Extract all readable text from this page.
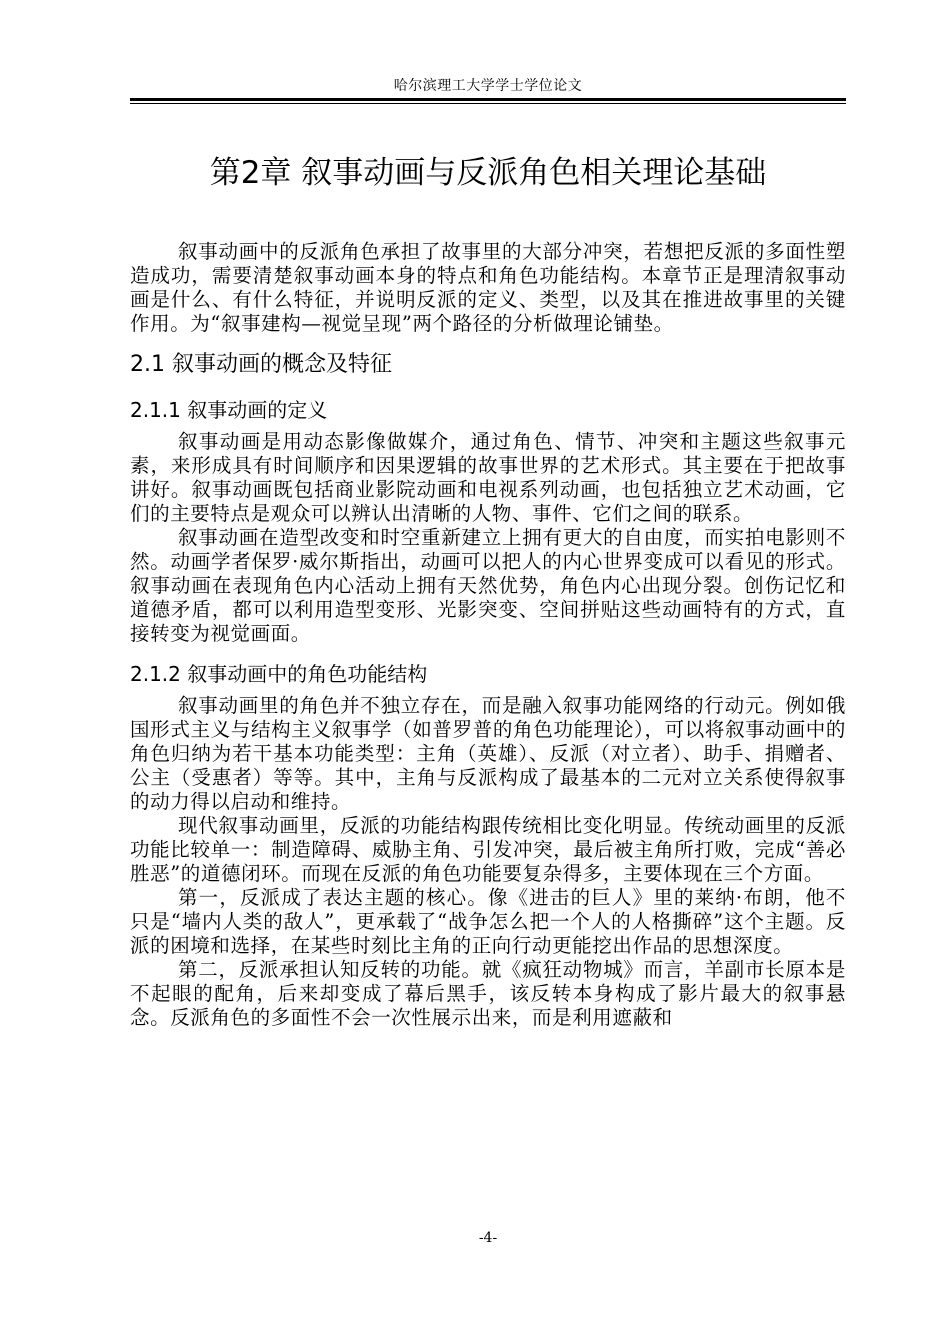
哈尔滨理工大学学士学位论文
第2章 叙事动画与反派角色相关理论基础

叙事动画中的反派角色承担了故事里的大部分冲突，若想把反派的多面性塑造成功，需要清楚叙事动画本身的特点和角色功能结构。本章节正是理清叙事动画是什么、有什么特征，并说明反派的定义、类型，以及其在推进故事里的关键作用。为“叙事建构—视觉呈现”两个路径的分析做理论铺垫。

2.1 叙事动画的概念及特征
2.1.1 叙事动画的定义

叙事动画是用动态影像做媒介，通过角色、情节、冲突和主题这些叙事元素，来形成具有时间顺序和因果逻辑的故事世界的艺术形式。其主要在于把故事讲好。叙事动画既包括商业影院动画和电视系列动画，也包括独立艺术动画，它们的主要特点是观众可以辨认出清晰的人物、事件、它们之间的联系。

叙事动画在造型改变和时空重新建立上拥有更大的自由度，而实拍电影则不然。动画学者保罗·威尔斯指出，动画可以把人的内心世界变成可以看见的形式。叙事动画在表现角色内心活动上拥有天然优势，角色内心出现分裂。创伤记忆和道德矛盾，都可以利用造型变形、光影突变、空间拼贴这些动画特有的方式，直接转变为视觉画面。

2.1.2 叙事动画中的角色功能结构

叙事动画里的角色并不独立存在，而是融入叙事功能网络的行动元。例如俄国形式主义与结构主义叙事学（如普罗普的角色功能理论），可以将叙事动画中的角色归纳为若干基本功能类型：主角（英雄）、反派（对立者）、助手、捐赠者、公主（受惠者）等等。其中，主角与反派构成了最基本的二元对立关系使得叙事的动力得以启动和维持。

现代叙事动画里，反派的功能结构跟传统相比变化明显。传统动画里的反派功能比较单一：制造障碍、威胁主角、引发冲突，最后被主角所打败，完成“善必胜恶”的道德闭环。而现在反派的角色功能要复杂得多，主要体现在三个方面。

第一，反派成了表达主题的核心。像《进击的巨人》里的莱纳·布朗，他不只是“墙内人类的敌人”，更承载了“战争怎么把一个人的人格撕碎”这个主题。反派的困境和选择，在某些时刻比主角的正向行动更能挖出作品的思想深度。

第二，反派承担认知反转的功能。就《疯狂动物城》而言，羊副市长原本是不起眼的配角，后来却变成了幕后黑手，该反转本身构成了影片最大的叙事悬念。反派角色的多面性不会一次性展示出来，而是利用遮蔽和

-4-
